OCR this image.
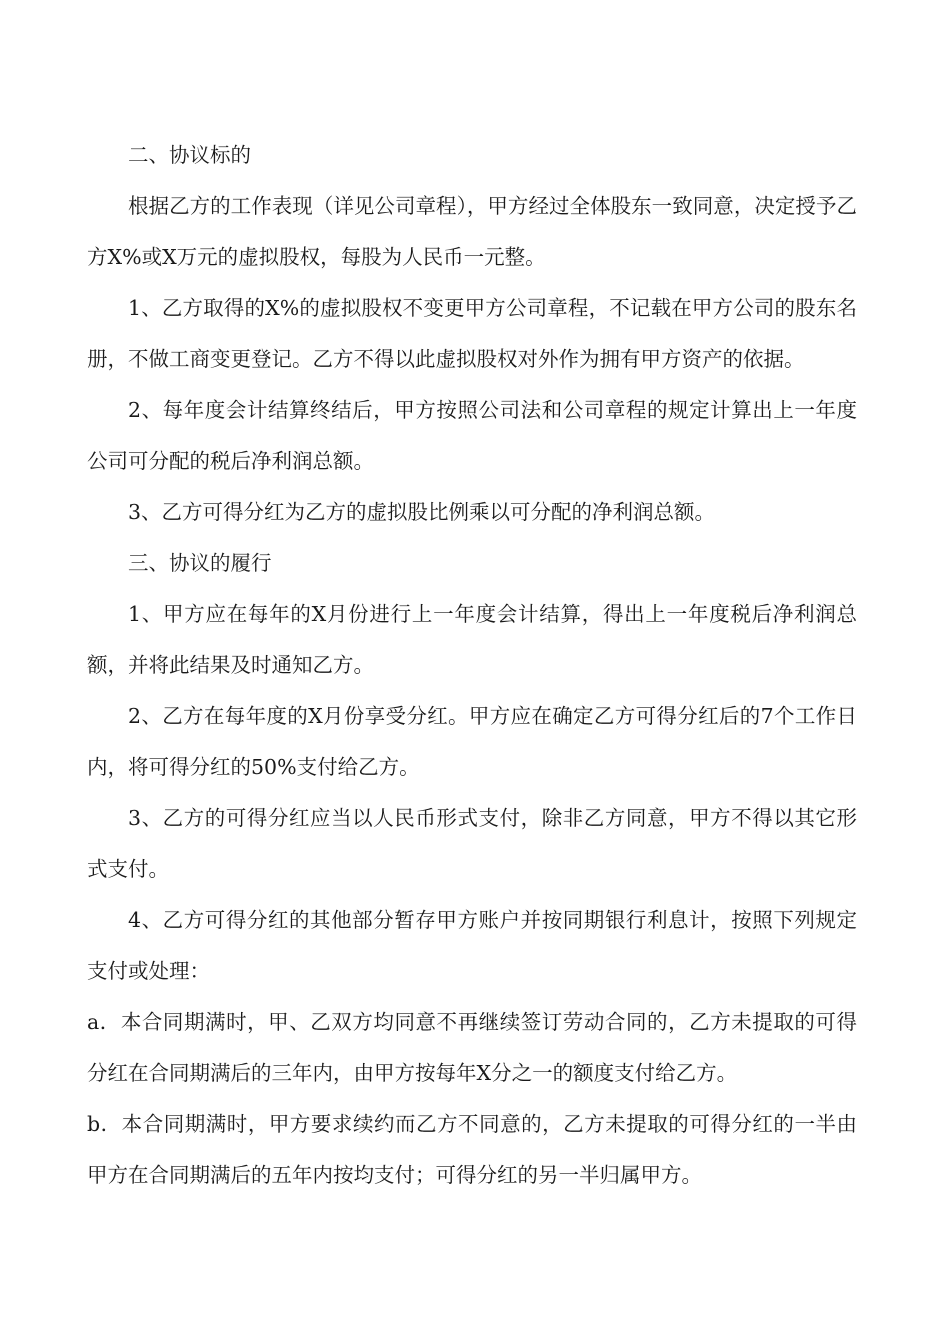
二、协议标的

根据乙方的工作表现（详见公司章程），甲方经过全体股东一致同意，决定授予乙方X%或X万元的虚拟股权，每股为人民币一元整。

1、乙方取得的X%的虚拟股权不变更甲方公司章程，不记载在甲方公司的股东名册，不做工商变更登记。乙方不得以此虚拟股权对外作为拥有甲方资产的依据。

2、每年度会计结算终结后，甲方按照公司法和公司章程的规定计算出上一年度公司可分配的税后净利润总额。

3、乙方可得分红为乙方的虚拟股比例乘以可分配的净利润总额。

三、协议的履行

1、甲方应在每年的X月份进行上一年度会计结算，得出上一年度税后净利润总额，并将此结果及时通知乙方。

2、乙方在每年度的X月份享受分红。甲方应在确定乙方可得分红后的7个工作日内，将可得分红的50%支付给乙方。

3、乙方的可得分红应当以人民币形式支付，除非乙方同意，甲方不得以其它形式支付。

4、乙方可得分红的其他部分暂存甲方账户并按同期银行利息计，按照下列规定支付或处理：

a．本合同期满时，甲、乙双方均同意不再继续签订劳动合同的，乙方未提取的可得分红在合同期满后的三年内，由甲方按每年X分之一的额度支付给乙方。

b．本合同期满时，甲方要求续约而乙方不同意的，乙方未提取的可得分红的一半由甲方在合同期满后的五年内按均支付；可得分红的另一半归属甲方。
